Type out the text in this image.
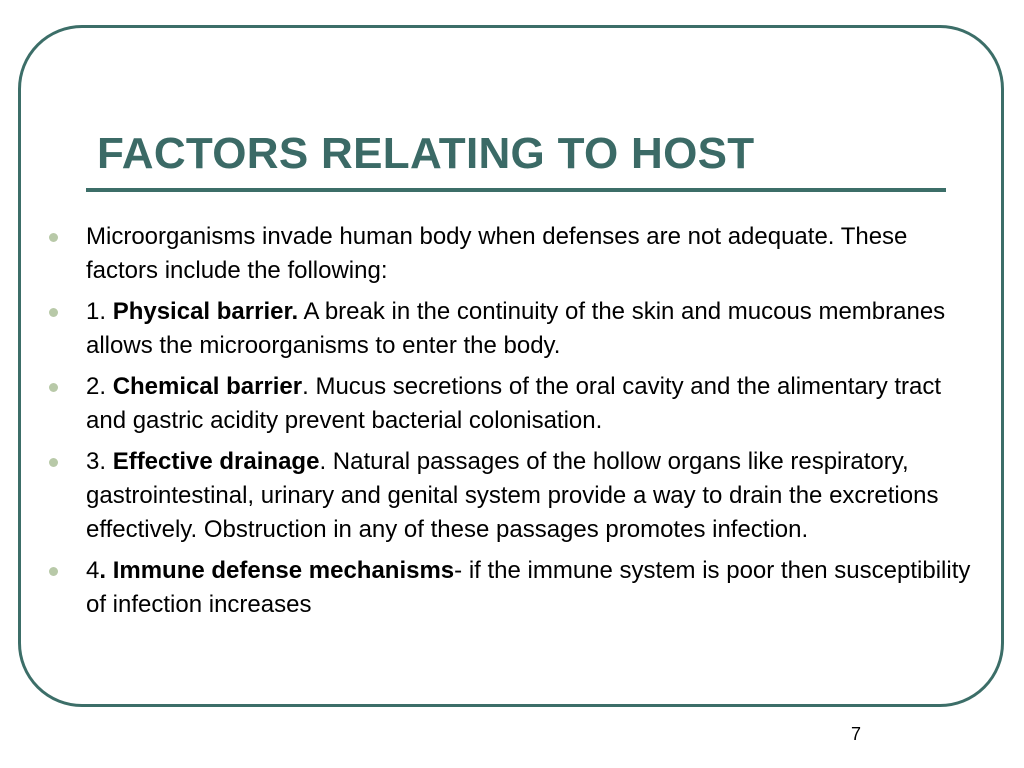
FACTORS RELATING TO HOST
Microorganisms invade human body when defenses are not adequate. These factors include the following:
1. Physical barrier. A break in the continuity of the skin and mucous membranes allows the microorganisms to enter the body.
2. Chemical barrier. Mucus secretions of the oral cavity and the alimentary tract and gastric acidity prevent bacterial colonisation.
3. Effective drainage. Natural passages of the hollow organs like respiratory, gastrointestinal, urinary and genital system provide a way to drain the excretions effectively. Obstruction in any of these passages promotes infection.
4. Immune defense mechanisms- if the immune system is poor then susceptibility of infection increases
7
